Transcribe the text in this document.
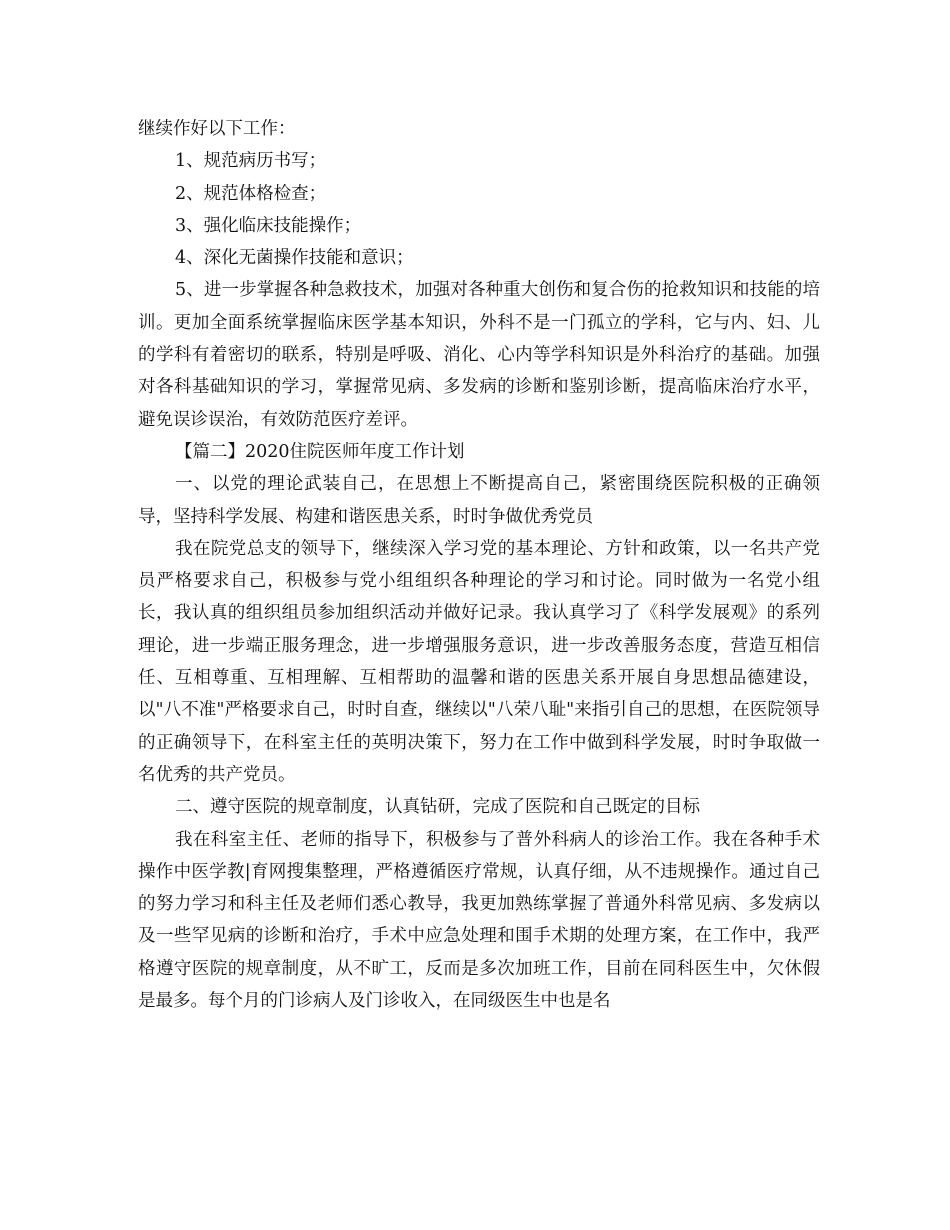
继续作好以下工作：

1、规范病历书写；

2、规范体格检查；

3、强化临床技能操作；

4、深化无菌操作技能和意识；

5、进一步掌握各种急救技术，加强对各种重大创伤和复合伤的抢救知识和技能的培训。更加全面系统掌握临床医学基本知识，外科不是一门孤立的学科，它与内、妇、儿的学科有着密切的联系，特别是呼吸、消化、心内等学科知识是外科治疗的基础。加强对各科基础知识的学习，掌握常见病、多发病的诊断和鉴别诊断，提高临床治疗水平，避免误诊误治，有效防范医疗差评。

【篇二】2020住院医师年度工作计划

一、以党的理论武装自己，在思想上不断提高自己，紧密围绕医院积极的正确领导，坚持科学发展、构建和谐医患关系，时时争做优秀党员

我在院党总支的领导下，继续深入学习党的基本理论、方针和政策，以一名共产党员严格要求自己，积极参与党小组组织各种理论的学习和讨论。同时做为一名党小组长，我认真的组织组员参加组织活动并做好记录。我认真学习了《科学发展观》的系列理论，进一步端正服务理念，进一步增强服务意识，进一步改善服务态度，营造互相信任、互相尊重、互相理解、互相帮助的温馨和谐的医患关系开展自身思想品德建设，以"八不准"严格要求自己，时时自查，继续以"八荣八耻"来指引自己的思想，在医院领导的正确领导下，在科室主任的英明决策下，努力在工作中做到科学发展，时时争取做一名优秀的共产党员。

二、遵守医院的规章制度，认真钻研，完成了医院和自己既定的目标

我在科室主任、老师的指导下，积极参与了普外科病人的诊治工作。我在各种手术操作中医学教|育网搜集整理，严格遵循医疗常规，认真仔细，从不违规操作。通过自己的努力学习和科主任及老师们悉心教导，我更加熟练掌握了普通外科常见病、多发病以及一些罕见病的诊断和治疗，手术中应急处理和围手术期的处理方案，在工作中，我严格遵守医院的规章制度，从不旷工，反而是多次加班工作，目前在同科医生中，欠休假是最多。每个月的门诊病人及门诊收入，在同级医生中也是名
